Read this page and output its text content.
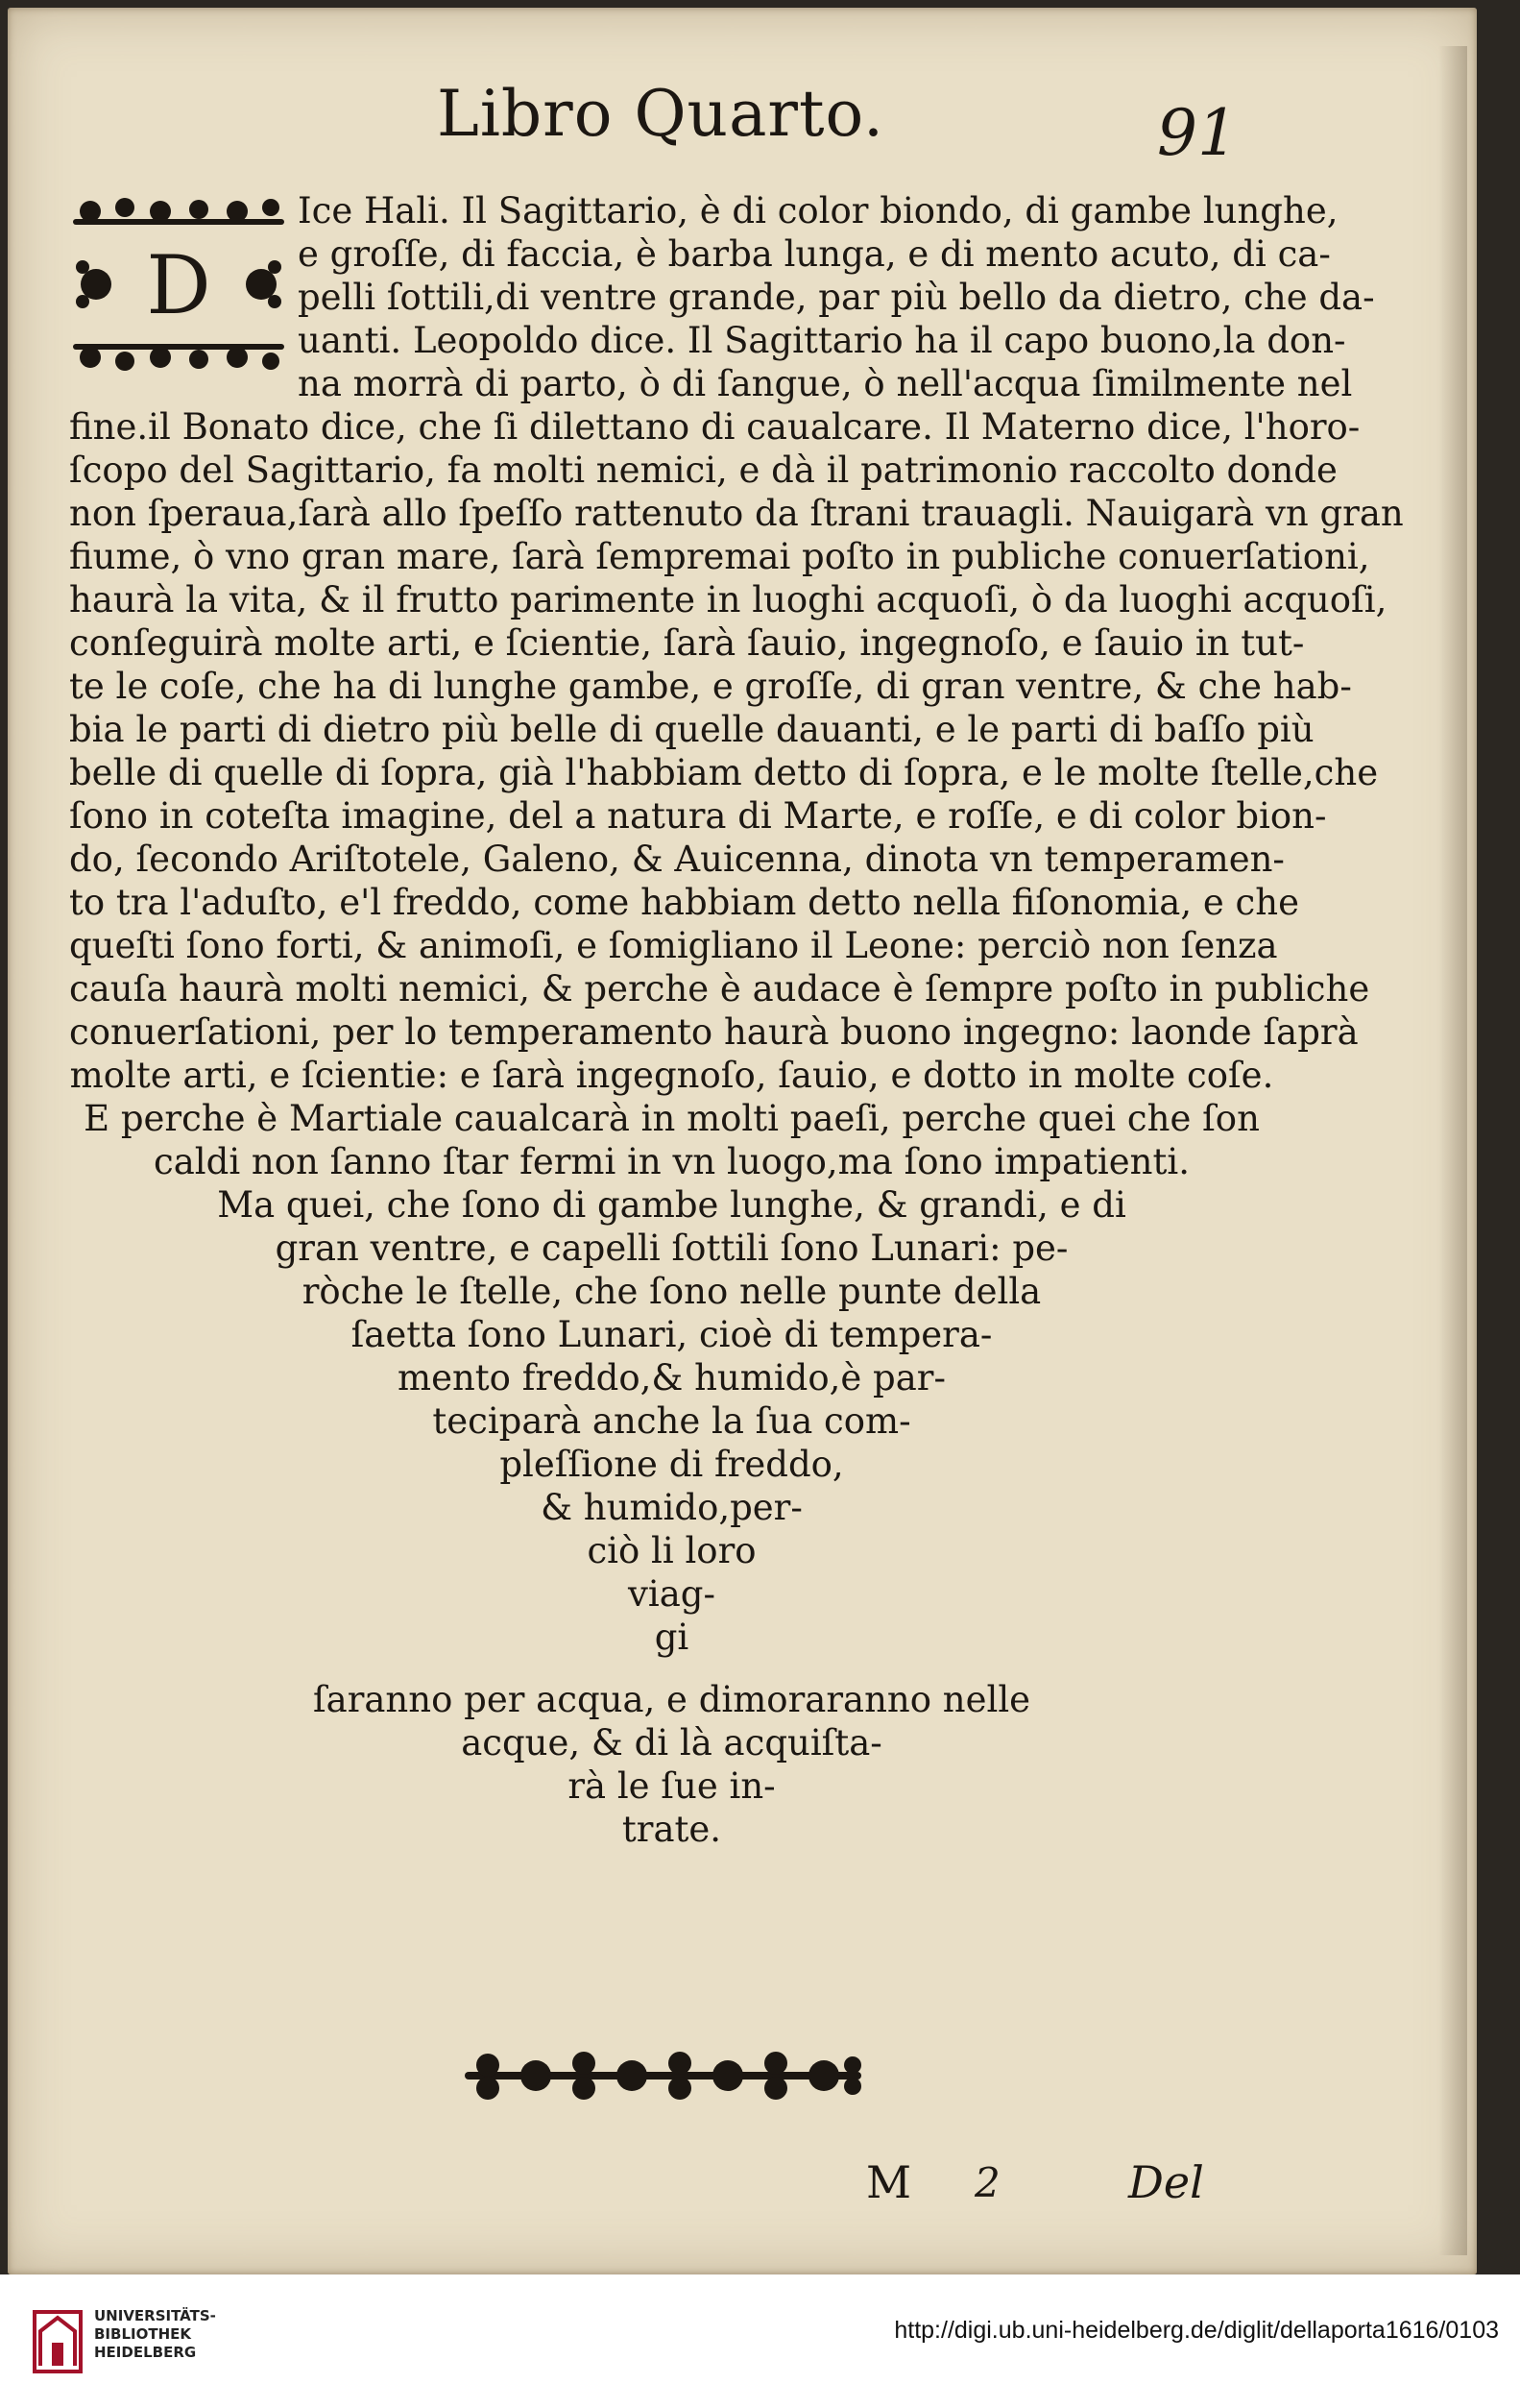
Libro Quarto.	91
D
Ice Hali. Il Sagittario, è di color biondo, di gambe lunghe,
e groſſe, di faccia, è barba lunga, e di mento acuto, di ca-
pelli ſottili,di ventre grande, par più bello da dietro, che da-
uanti. Leopoldo dice. Il Sagittario ha il capo buono,la don-
na morrà di parto, ò di ſangue, ò nell'acqua ſimilmente nel
fine.il Bonato dice, che ſi dilettano di caualcare. Il Materno dice, l'horo-
ſcopo del Sagittario, fa molti nemici, e dà il patrimonio raccolto donde
non ſperaua,ſarà allo ſpeſſo rattenuto da ſtrani trauagli. Nauigarà vn gran
fiume, ò vno gran mare, ſarà ſempremai poſto in publiche conuerſationi,
haurà la vita, & il frutto parimente in luoghi acquoſi, ò da luoghi acquoſi,
conſeguirà molte arti, e ſcientie, ſarà ſauio, ingegnoſo, e ſauio in tut-
te le coſe, che ha di lunghe gambe, e groſſe, di gran ventre, & che hab-
bia le parti di dietro più belle di quelle dauanti, e le parti di baſſo più
belle di quelle di ſopra, già l'habbiam detto di ſopra, e le molte ſtelle,che
ſono in coteſta imagine, del a natura di Marte, e roſſe, e di color bion-
do, ſecondo Ariſtotele, Galeno, & Auicenna, dinota vn temperamen-
to tra l'aduſto, e'l freddo, come habbiam detto nella fiſonomia, e che
queſti ſono forti, & animoſi, e ſomigliano il Leone: perciò non ſenza
cauſa haurà molti nemici, & perche è audace è ſempre poſto in publiche
conuerſationi, per lo temperamento haurà buono ingegno: laonde ſaprà
molte arti, e ſcientie: e ſarà ingegnoſo, ſauio, e dotto in molte coſe.
E perche è Martiale caualcarà in molti paeſi, perche quei che ſon
caldi non ſanno ſtar fermi in vn luogo,ma ſono impatienti.
Ma quei, che ſono di gambe lunghe, & grandi, e di
gran ventre, e capelli ſottili ſono Lunari: pe-
ròche le ſtelle, che ſono nelle punte della
ſaetta ſono Lunari, cioè di tempera-
mento freddo,& humido,è par-
teciparà anche la ſua com-
pleſſione di freddo,
& humido,per-
ciò li loro
viag-
gi
ſaranno per acqua, e dimoraranno nelle
acque, & di là acquiſta-
rà le ſue in-
trate.
M 2	Del
UNIVERSITÄTS-
BIBLIOTHEK
HEIDELBERG
http://digi.ub.uni-heidelberg.de/diglit/dellaporta1616/0103
